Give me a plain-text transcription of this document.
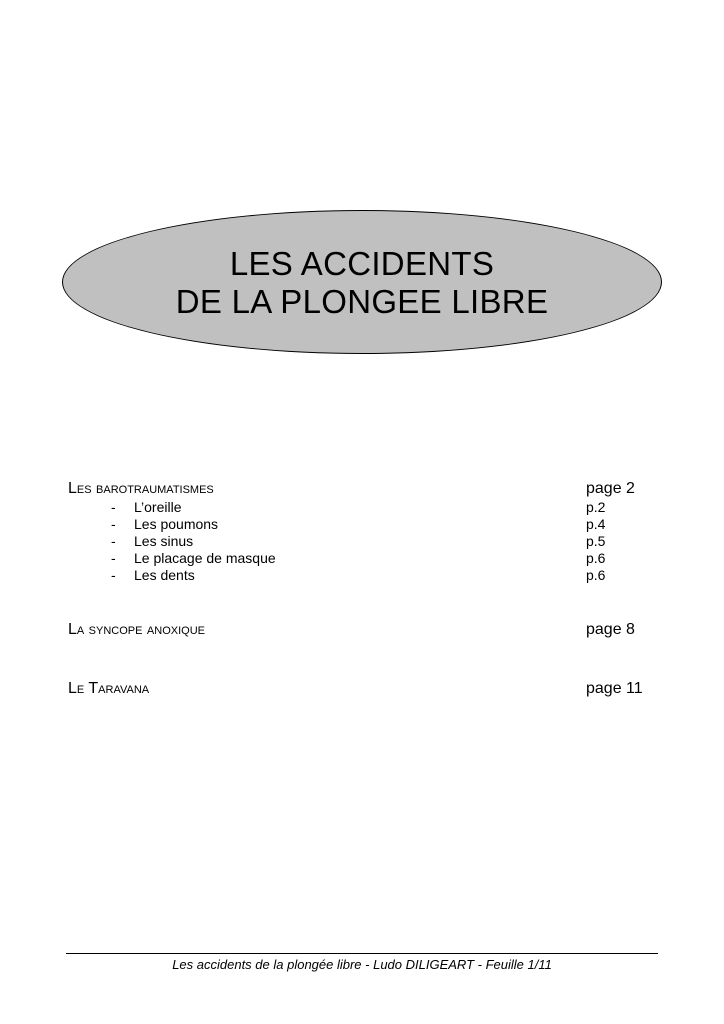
LES ACCIDENTS
DE LA PLONGEE LIBRE
Les barotraumatismes	page 2
- L’oreille	p.2
- Les poumons	p.4
- Les sinus	p.5
- Le placage de masque	p.6
- Les dents	p.6
La syncope anoxique	page 8
Le Taravana	page 11
Les accidents de la plongée libre - Ludo DILIGEART - Feuille 1/11
